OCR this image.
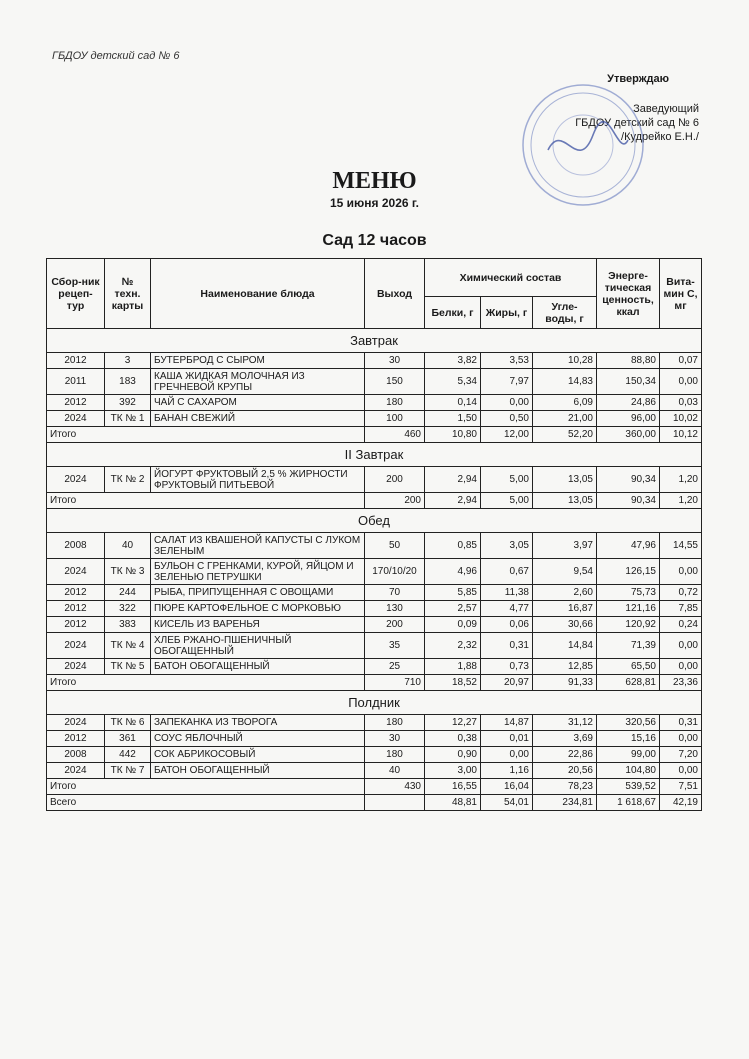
ГБДОУ детский сад № 6
Утверждаю
Заведующий
ГБДОУ детский сад № 6
/Кудрейко Е.Н./
МЕНЮ
15 июня 2026 г.
Сад 12 часов
Сбор-ник рецеп-тур	№ техн. карты	Наименование блюда	Выход	Химический состав			Энерге-тическая ценность, ккал	Вита-мин С, мг
				Белки, г	Жиры, г	Угле-воды, г		
Завтрак								
2012	3	БУТЕРБРОД С СЫРОМ	30	3,82	3,53	10,28	88,80	0,07
2011	183	КАША ЖИДКАЯ МОЛОЧНАЯ ИЗ ГРЕЧНЕВОЙ КРУПЫ	150	5,34	7,97	14,83	150,34	0,00
2012	392	ЧАЙ С САХАРОМ	180	0,14	0,00	6,09	24,86	0,03
2024	ТК № 1	БАНАН СВЕЖИЙ	100	1,50	0,50	21,00	96,00	10,02
Итого			460	10,80	12,00	52,20	360,00	10,12
II Завтрак								
2024	ТК № 2	ЙОГУРТ ФРУКТОВЫЙ 2,5 % ЖИРНОСТИ ФРУКТОВЫЙ ПИТЬЕВОЙ	200	2,94	5,00	13,05	90,34	1,20
Итого			200	2,94	5,00	13,05	90,34	1,20
Обед								
2008	40	САЛАТ ИЗ КВАШЕНОЙ КАПУСТЫ С ЛУКОМ ЗЕЛЕНЫМ	50	0,85	3,05	3,97	47,96	14,55
2024	ТК № 3	БУЛЬОН С ГРЕНКАМИ, КУРОЙ, ЯЙЦОМ И ЗЕЛЕНЬЮ ПЕТРУШКИ	170/10/20	4,96	0,67	9,54	126,15	0,00
2012	244	РЫБА, ПРИПУЩЕННАЯ С ОВОЩАМИ	70	5,85	11,38	2,60	75,73	0,72
2012	322	ПЮРЕ КАРТОФЕЛЬНОЕ С МОРКОВЬЮ	130	2,57	4,77	16,87	121,16	7,85
2012	383	КИСЕЛЬ ИЗ ВАРЕНЬЯ	200	0,09	0,06	30,66	120,92	0,24
2024	ТК № 4	ХЛЕБ РЖАНО-ПШЕНИЧНЫЙ ОБОГАЩЕННЫЙ	35	2,32	0,31	14,84	71,39	0,00
2024	ТК № 5	БАТОН ОБОГАЩЕННЫЙ	25	1,88	0,73	12,85	65,50	0,00
Итого			710	18,52	20,97	91,33	628,81	23,36
Полдник								
2024	ТК № 6	ЗАПЕКАНКА ИЗ ТВОРОГА	180	12,27	14,87	31,12	320,56	0,31
2012	361	СОУС ЯБЛОЧНЫЙ	30	0,38	0,01	3,69	15,16	0,00
2008	442	СОК АБРИКОСОВЫЙ	180	0,90	0,00	22,86	99,00	7,20
2024	ТК № 7	БАТОН ОБОГАЩЕННЫЙ	40	3,00	1,16	20,56	104,80	0,00
Итого			430	16,55	16,04	78,23	539,52	7,51
Всего				48,81	54,01	234,81	1 618,67	42,19
